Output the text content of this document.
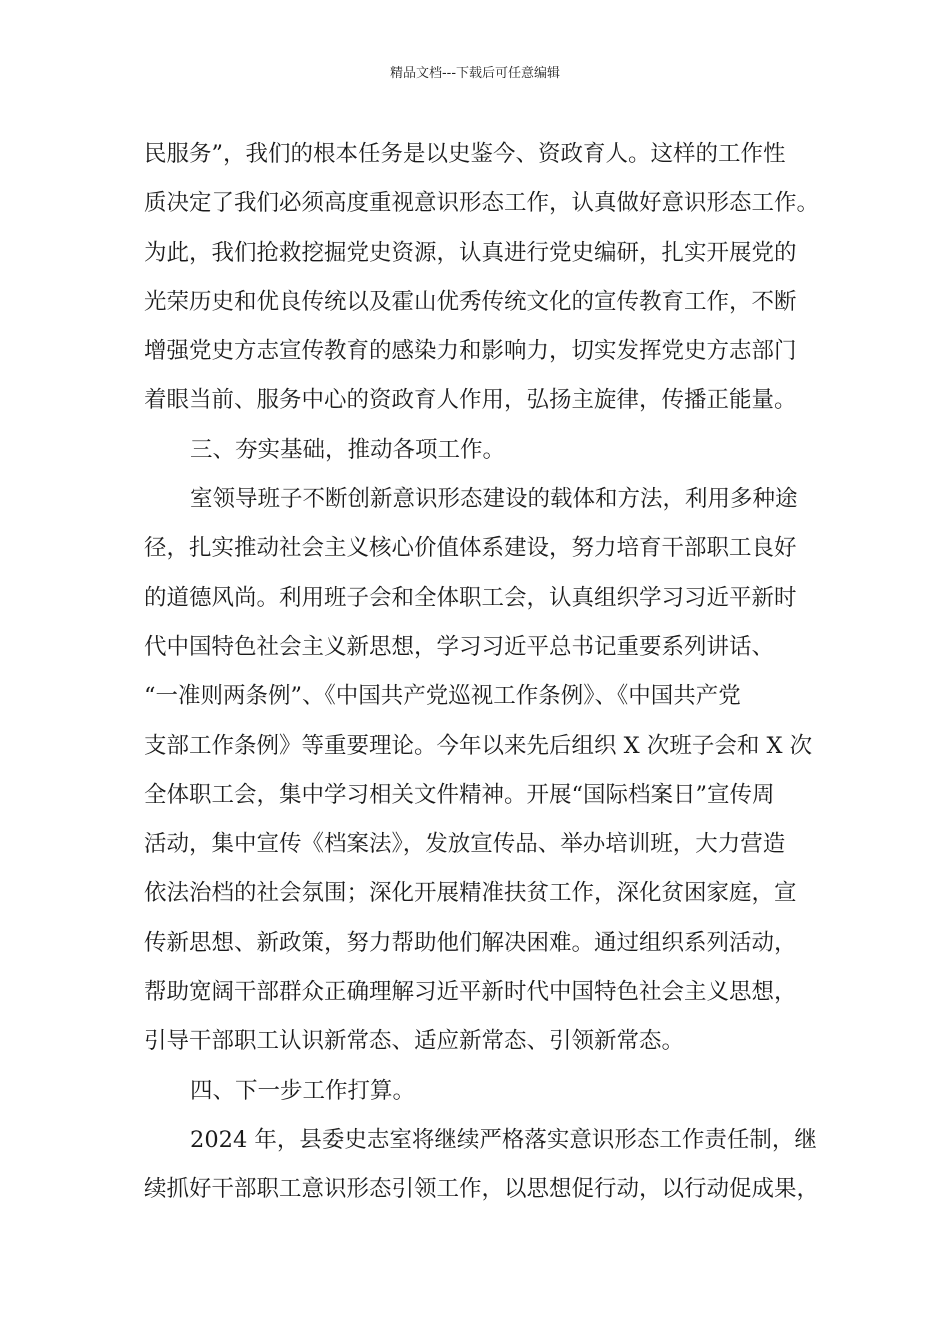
精品文档---下载后可任意编辑
民服务”，我们的根本任务是以史鉴今、资政育人。这样的工作性
质决定了我们必须高度重视意识形态工作，认真做好意识形态工作。
为此，我们抢救挖掘党史资源，认真进行党史编研，扎实开展党的
光荣历史和优良传统以及霍山优秀传统文化的宣传教育工作，不断
增强党史方志宣传教育的感染力和影响力，切实发挥党史方志部门
着眼当前、服务中心的资政育人作用，弘扬主旋律，传播正能量。
三、夯实基础，推动各项工作。
室领导班子不断创新意识形态建设的载体和方法，利用多种途
径，扎实推动社会主义核心价值体系建设，努力培育干部职工良好
的道德风尚。利用班子会和全体职工会，认真组织学习习近平新时
代中国特色社会主义新思想，学习习近平总书记重要系列讲话、
“一准则两条例”、《中国共产党巡视工作条例》、《中国共产党
支部工作条例》等重要理论。今年以来先后组织 X 次班子会和 X 次
全体职工会，集中学习相关文件精神。开展“国际档案日”宣传周
活动，集中宣传《档案法》，发放宣传品、举办培训班，大力营造
依法治档的社会氛围；深化开展精准扶贫工作，深化贫困家庭，宣
传新思想、新政策，努力帮助他们解决困难。通过组织系列活动，
帮助宽阔干部群众正确理解习近平新时代中国特色社会主义思想，
引导干部职工认识新常态、适应新常态、引领新常态。
四、下一步工作打算。
2024 年，县委史志室将继续严格落实意识形态工作责任制，继
续抓好干部职工意识形态引领工作，以思想促行动，以行动促成果，
